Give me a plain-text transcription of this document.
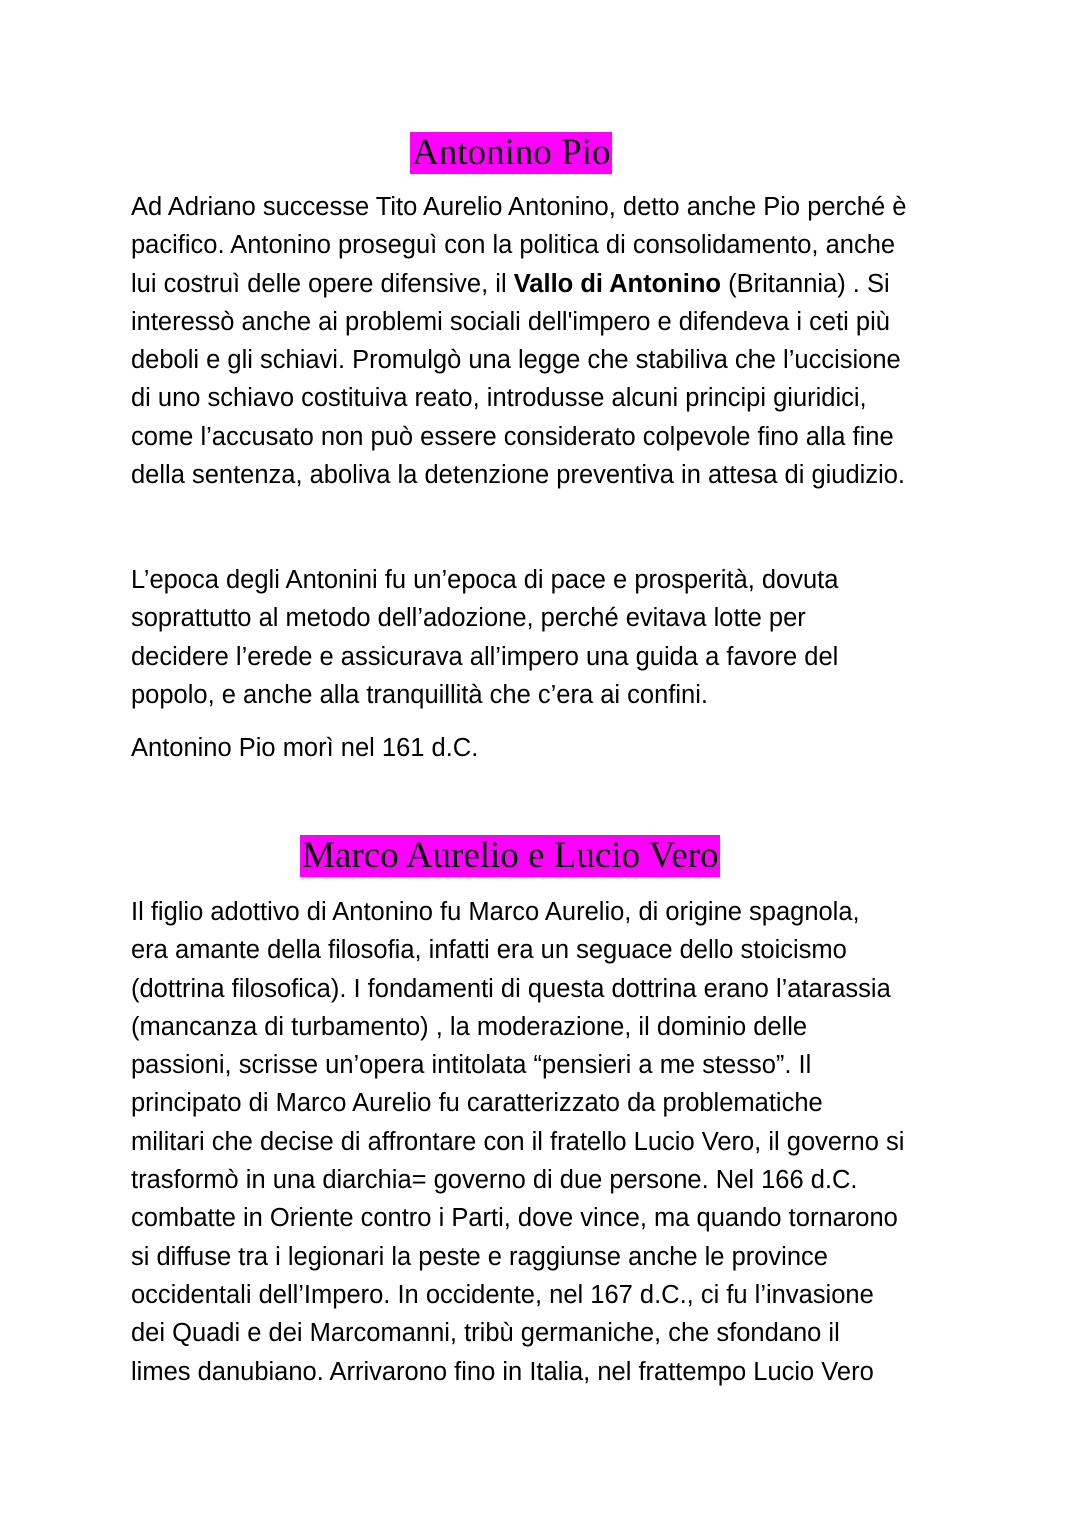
Antonino Pio
Ad Adriano successe Tito Aurelio Antonino, detto anche Pio perché è
pacifico. Antonino proseguì con la politica di consolidamento, anche
lui costruì delle opere difensive, il Vallo di Antonino (Britannia) . Si
interessò anche ai problemi sociali dell'impero e difendeva i ceti più
deboli e gli schiavi. Promulgò una legge che stabiliva che l’uccisione
di uno schiavo costituiva reato, introdusse alcuni principi giuridici,
come l’accusato non può essere considerato colpevole fino alla fine
della sentenza, aboliva la detenzione preventiva in attesa di giudizio.
L’epoca degli Antonini fu un’epoca di pace e prosperità, dovuta
soprattutto al metodo dell’adozione, perché evitava lotte per
decidere l’erede e assicurava all’impero una guida a favore del
popolo, e anche alla tranquillità che c’era ai confini.
Antonino Pio morì nel 161 d.C.
Marco Aurelio e Lucio Vero
Il figlio adottivo di Antonino fu Marco Aurelio, di origine spagnola,
era amante della filosofia, infatti era un seguace dello stoicismo
(dottrina filosofica). I fondamenti di questa dottrina erano l’atarassia
(mancanza di turbamento) , la moderazione, il dominio delle
passioni, scrisse un’opera intitolata “pensieri a me stesso”. Il
principato di Marco Aurelio fu caratterizzato da problematiche
militari che decise di affrontare con il fratello Lucio Vero, il governo si
trasformò in una diarchia= governo di due persone. Nel 166 d.C.
combatte in Oriente contro i Parti, dove vince, ma quando tornarono
si diffuse tra i legionari la peste e raggiunse anche le province
occidentali dell’Impero. In occidente, nel 167 d.C., ci fu l’invasione
dei Quadi e dei Marcomanni, tribù germaniche, che sfondano il
limes danubiano. Arrivarono fino in Italia, nel frattempo Lucio Vero
